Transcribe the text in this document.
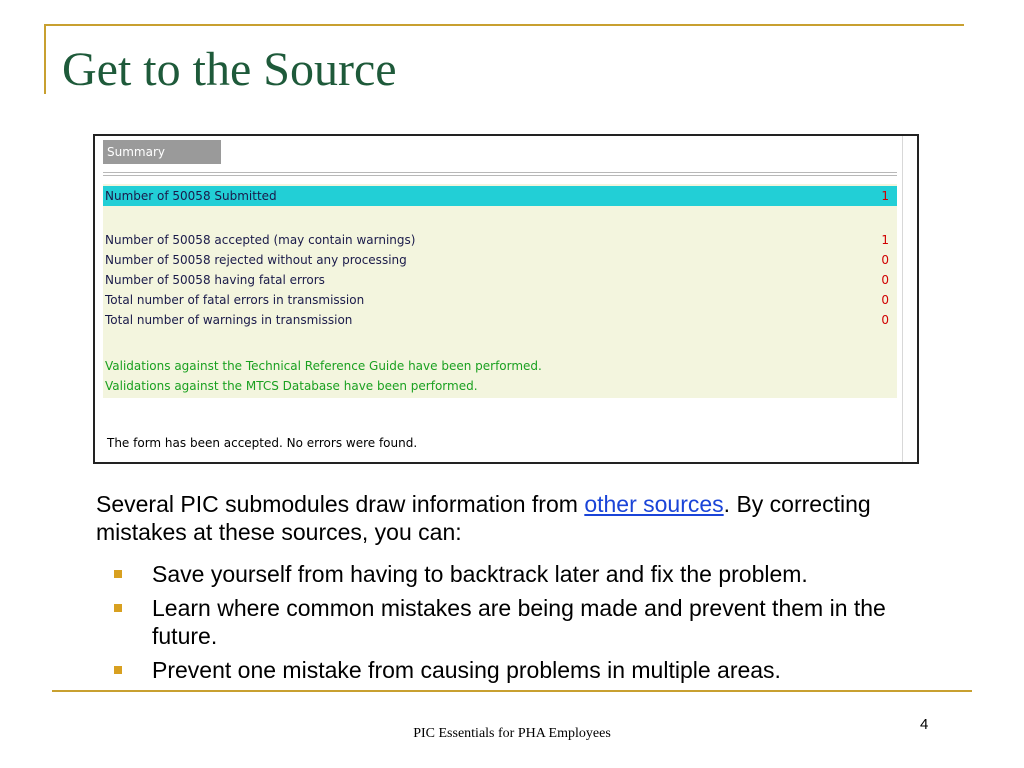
Get to the Source
Summary
Number of 50058 Submitted	1
Number of 50058 accepted (may contain warnings)	1
Number of 50058 rejected without any processing	0
Number of 50058 having fatal errors	0
Total number of fatal errors in transmission	0
Total number of warnings in transmission	0
Validations against the Technical Reference Guide have been performed.
Validations against the MTCS Database have been performed.
The form has been accepted. No errors were found.

Several PIC submodules draw information from other sources. By correcting mistakes at these sources, you can:

Save yourself from having to backtrack later and fix the problem.
Learn where common mistakes are being made and prevent them in the future.
Prevent one mistake from causing problems in multiple areas.
PIC Essentials for PHA Employees
4
